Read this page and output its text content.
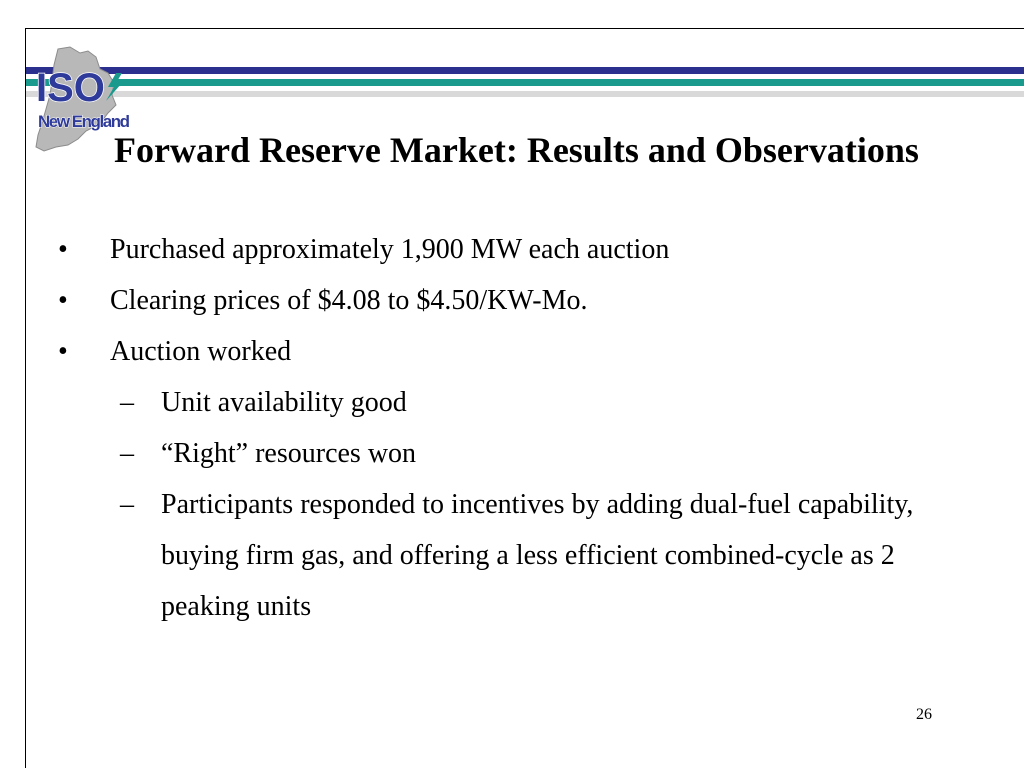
ISO
New England
Forward Reserve Market: Results and Observations
• Purchased approximately 1,900 MW each auction
• Clearing prices of $4.08 to $4.50/KW-Mo.
• Auction worked
– Unit availability good
– “Right” resources won
– Participants responded to incentives by adding dual-fuel capability, buying firm gas, and offering a less efficient combined-cycle as 2 peaking units
26
